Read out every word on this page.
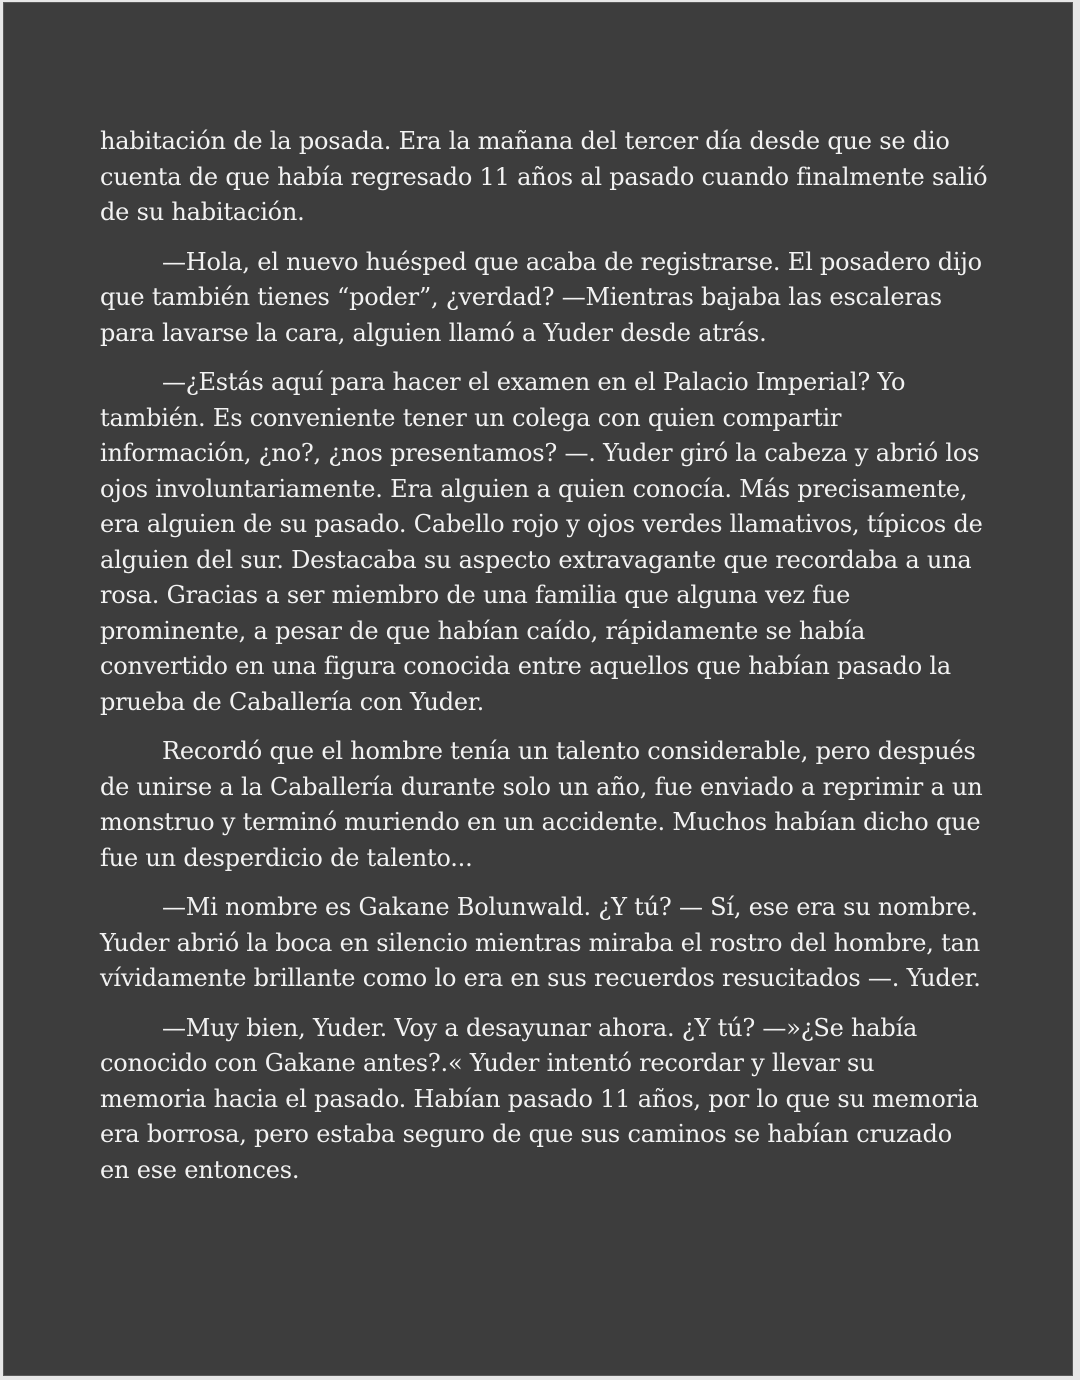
habitación de la posada. Era la mañana del tercer día desde que se dio cuenta de que había regresado 11 años al pasado cuando finalmente salió de su habitación.

—Hola, el nuevo huésped que acaba de registrarse. El posadero dijo que también tienes “poder”, ¿verdad? —Mientras bajaba las escaleras para lavarse la cara, alguien llamó a Yuder desde atrás.

—¿Estás aquí para hacer el examen en el Palacio Imperial? Yo también. Es conveniente tener un colega con quien compartir información, ¿no?, ¿nos presentamos? —. Yuder giró la cabeza y abrió los ojos involuntariamente. Era alguien a quien conocía. Más precisamente, era alguien de su pasado. Cabello rojo y ojos verdes llamativos, típicos de alguien del sur. Destacaba su aspecto extravagante que recordaba a una rosa. Gracias a ser miembro de una familia que alguna vez fue prominente, a pesar de que habían caído, rápidamente se había convertido en una figura conocida entre aquellos que habían pasado la prueba de Caballería con Yuder.

Recordó que el hombre tenía un talento considerable, pero después de unirse a la Caballería durante solo un año, fue enviado a reprimir a un monstruo y terminó muriendo en un accidente. Muchos habían dicho que fue un desperdicio de talento...

—Mi nombre es Gakane Bolunwald. ¿Y tú? — Sí, ese era su nombre. Yuder abrió la boca en silencio mientras miraba el rostro del hombre, tan vívidamente brillante como lo era en sus recuerdos resucitados —. Yuder.

—Muy bien, Yuder. Voy a desayunar ahora. ¿Y tú? —»¿Se había conocido con Gakane antes?.« Yuder intentó recordar y llevar su memoria hacia el pasado. Habían pasado 11 años, por lo que su memoria era borrosa, pero estaba seguro de que sus caminos se habían cruzado en ese entonces.
